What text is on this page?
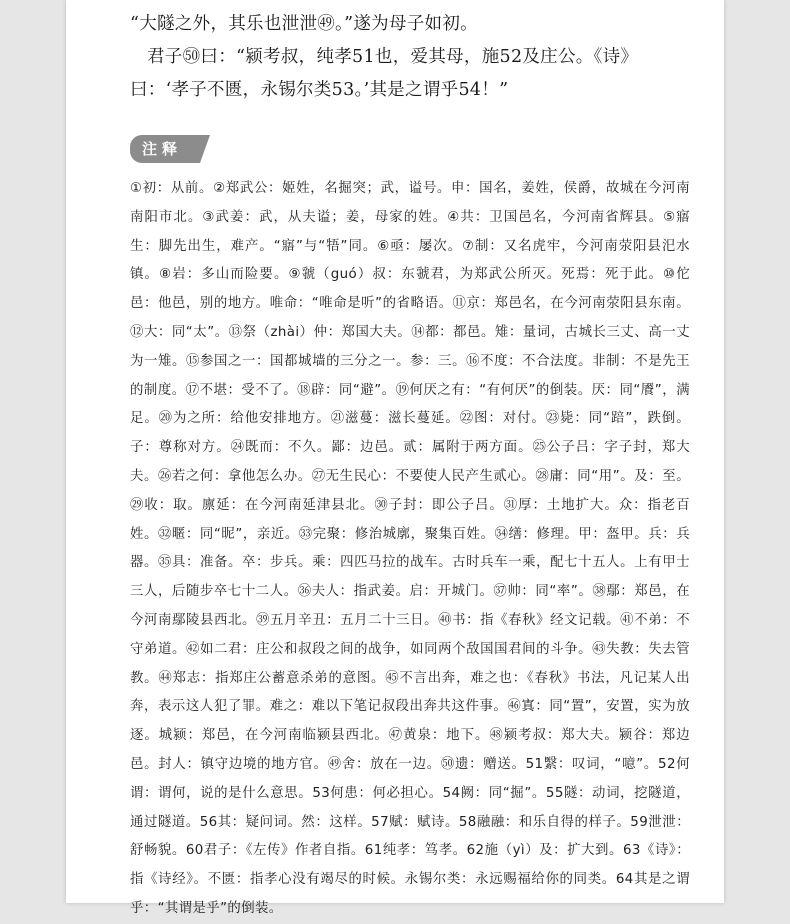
“大隧之外，其乐也泄泄㊾。”遂为母子如初。

君子㊿曰：“颍考叔，纯孝51也，爱其母，施52及庄公。《诗》曰：‘孝子不匮，永锡尔类53。’其是之谓乎54！”

注释

①初：从前。②郑武公：姬姓，名掘突；武，谥号。申：国名，姜姓，侯爵，故城在今河南南阳市北。③武姜：武，从夫谥；姜，母家的姓。④共：卫国邑名，今河南省辉县。⑤寤生：脚先出生，难产。“寤”与“牾”同。⑥亟：屡次。⑦制：又名虎牢，今河南荥阳县汜水镇。⑧岩：多山而险要。⑨虢（guó）叔：东虢君，为郑武公所灭。死焉：死于此。⑩佗邑：他邑，别的地方。唯命：“唯命是听”的省略语。⑪京：郑邑名，在今河南荥阳县东南。⑫大：同“太”。⑬祭（zhài）仲：郑国大夫。⑭都：都邑。雉：量词，古城长三丈、高一丈为一雉。⑮参国之一：国都城墙的三分之一。参：三。⑯不度：不合法度。非制：不是先王的制度。⑰不堪：受不了。⑱辟：同“避”。⑲何厌之有：“有何厌”的倒装。厌：同“餍”，满足。⑳为之所：给他安排地方。㉑滋蔓：滋长蔓延。㉒图：对付。㉓毙：同“踣”，跌倒。子：尊称对方。㉔既而：不久。鄙：边邑。贰：属附于两方面。㉕公子吕：字子封，郑大夫。㉖若之何：拿他怎么办。㉗无生民心：不要使人民产生贰心。㉘庸：同“用”。及：至。㉙收：取。廪延：在今河南延津县北。㉚子封：即公子吕。㉛厚：土地扩大。众：指老百姓。㉜暱：同“昵”，亲近。㉝完聚：修治城廓，聚集百姓。㉞缮：修理。甲：盔甲。兵：兵器。㉟具：准备。卒：步兵。乘：四匹马拉的战车。古时兵车一乘，配七十五人。上有甲士三人，后随步卒七十二人。㊱夫人：指武姜。启：开城门。㊲帅：同“率”。㊳鄢：郑邑，在今河南鄢陵县西北。㊴五月辛丑：五月二十三日。㊵书：指《春秋》经文记载。㊶不弟：不守弟道。㊷如二君：庄公和叔段之间的战争，如同两个敌国国君间的斗争。㊸失教：失去管教。㊹郑志：指郑庄公蓄意杀弟的意图。㊺不言出奔，难之也：《春秋》书法，凡记某人出奔，表示这人犯了罪。难之：难以下笔记叔段出奔共这件事。㊻寘：同“置”，安置，实为放逐。城颍：郑邑，在今河南临颍县西北。㊼黄泉：地下。㊽颍考叔：郑大夫。颍谷：郑边邑。封人：镇守边境的地方官。㊾舍：放在一边。㊿遗：赠送。51繄：叹词，“噫”。52何谓：谓何，说的是什么意思。53何患：何必担心。54阙：同“掘”。55隧：动词，挖隧道，通过隧道。56其：疑问词。然：这样。57赋：赋诗。58融融：和乐自得的样子。59泄泄：舒畅貌。60君子：《左传》作者自指。61纯孝：笃孝。62施（yì）及：扩大到。63《诗》：指《诗经》。不匮：指孝心没有竭尽的时候。永锡尔类：永远赐福给你的同类。64其是之谓乎：“其谓是乎”的倒装。
